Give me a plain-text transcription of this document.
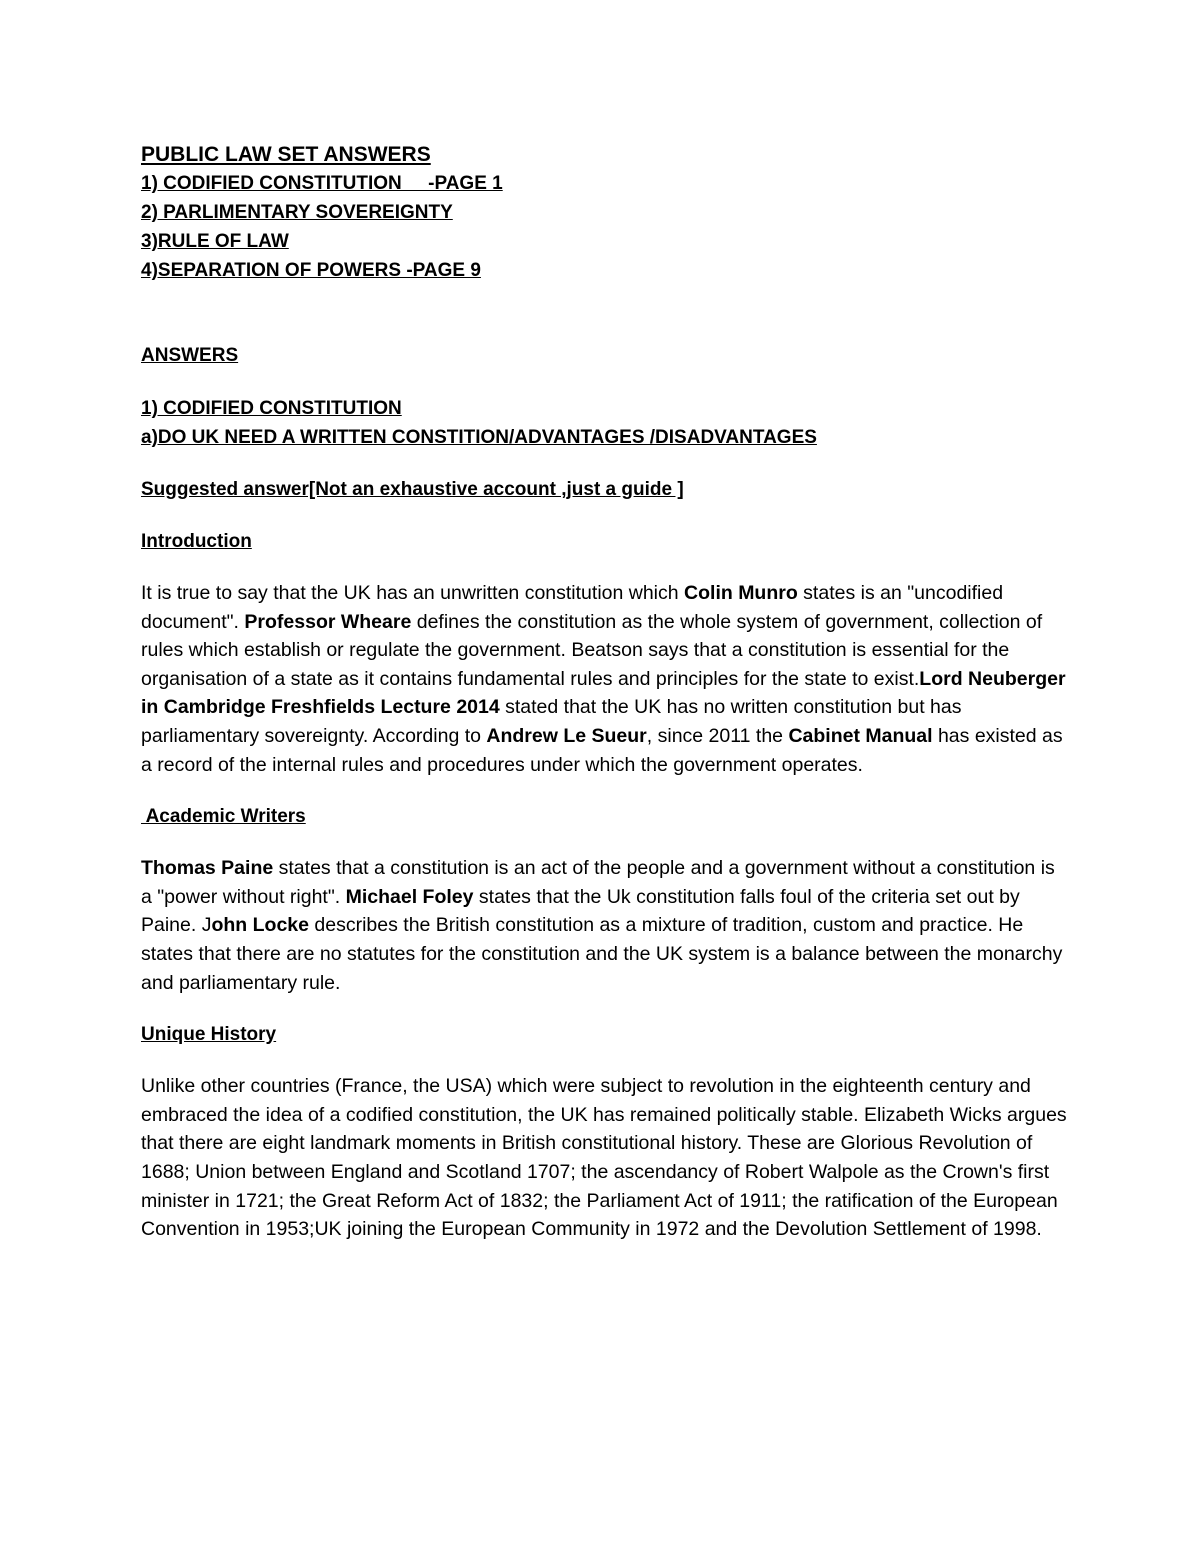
PUBLIC LAW SET ANSWERS

1) CODIFIED CONSTITUTION     -PAGE 1

2) PARLIMENTARY SOVEREIGNTY

3)RULE OF LAW

4)SEPARATION OF POWERS -PAGE 9

ANSWERS

1) CODIFIED CONSTITUTION

a)DO UK NEED A WRITTEN CONSTITION/ADVANTAGES /DISADVANTAGES

Suggested answer[Not an exhaustive account ,just a guide ]

Introduction

It is true to say that the UK has an unwritten constitution which Colin Munro states is an "uncodified document". Professor Wheare defines the constitution as the whole system of government, collection of rules which establish or regulate the government. Beatson says that a constitution is essential for the organisation of a state as it contains fundamental rules and principles for the state to exist.Lord Neuberger in Cambridge Freshfields Lecture 2014 stated that the UK has no written constitution but has parliamentary sovereignty. According to Andrew Le Sueur, since 2011 the Cabinet Manual has existed as a record of the internal rules and procedures under which the government operates.

Academic Writers

Thomas Paine states that a constitution is an act of the people and a government without a constitution is a "power without right". Michael Foley states that the Uk constitution falls foul of the criteria set out by Paine. John Locke describes the British constitution as a mixture of tradition, custom and practice. He states that there are no statutes for the constitution and the UK system is a balance between the monarchy and parliamentary rule.

Unique History

Unlike other countries (France, the USA) which were subject to revolution in the eighteenth century and embraced the idea of a codified constitution, the UK has remained politically stable. Elizabeth Wicks argues that there are eight landmark moments in British constitutional history. These are Glorious Revolution of 1688; Union between England and Scotland 1707; the ascendancy of Robert Walpole as the Crown's first minister in 1721; the Great Reform Act of 1832; the Parliament Act of 1911; the ratification of the European Convention in 1953;UK joining the European Community in 1972 and the Devolution Settlement of 1998.
